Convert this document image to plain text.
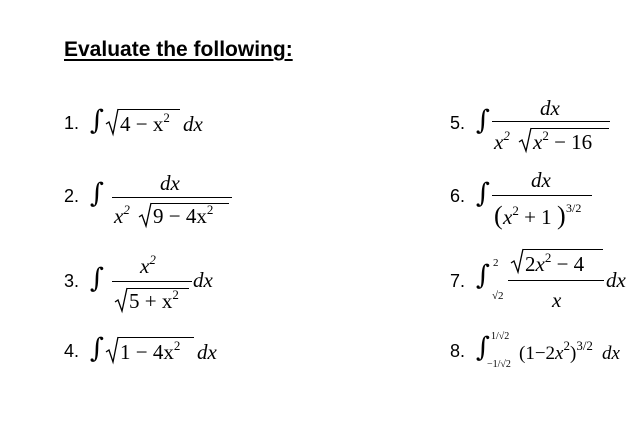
Evaluate the following:
1. ∫ $4 - x^2$ dx
2. ∫	dx
$x^2$ $9 - 4x^2$
3. ∫ $x^2$
dx
$5 + x^2$
4. ∫ $1 - 4x^2$ dx
5. ∫ dx
$x^2$ $x^2 - 16$
6. ∫ dx
( $x^2 + 1$ ) 3/2
7. ∫ 2
√2
$2x^2 - 4$
x
dx
8. ∫ 1/√2
−1/√2
$(1-2x^2)^{3/2}$ dx
